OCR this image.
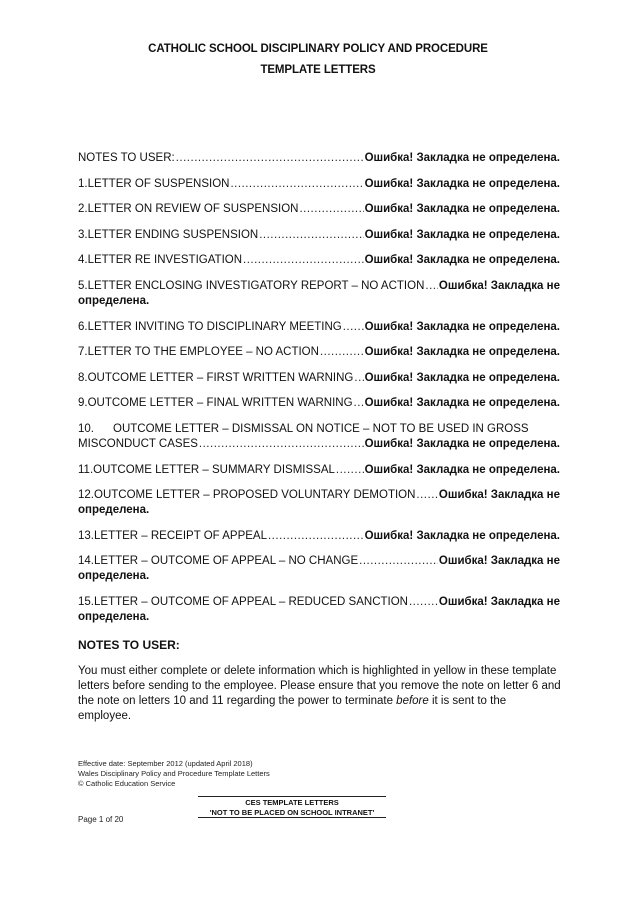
CATHOLIC SCHOOL DISCIPLINARY POLICY AND PROCEDURE
TEMPLATE LETTERS
NOTES TO USER: .....	Ошибка! Закладка не определена.
1. LETTER OF SUSPENSION .....	Ошибка! Закладка не определена.
2. LETTER ON REVIEW OF SUSPENSION .....	Ошибка! Закладка не определена.
3. LETTER ENDING SUSPENSION .....	Ошибка! Закладка не определена.
4. LETTER RE INVESTIGATION .....	Ошибка! Закладка не определена.
5. LETTER ENCLOSING INVESTIGATORY REPORT – NO ACTION ..... Ошибка! Закладка не
определена.
6. LETTER INVITING TO DISCIPLINARY MEETING ..... Ошибка! Закладка не определена.
7. LETTER TO THE EMPLOYEE – NO ACTION .....	Ошибка! Закладка не определена.
8. OUTCOME LETTER – FIRST WRITTEN WARNING ..... Ошибка! Закладка не определена.
9. OUTCOME LETTER – FINAL WRITTEN WARNING ..... Ошибка! Закладка не определена.
10.	OUTCOME LETTER – DISMISSAL ON NOTICE – NOT TO BE USED IN GROSS
MISCONDUCT CASES .....	Ошибка! Закладка не определена.
11. OUTCOME LETTER – SUMMARY DISMISSAL .....	Ошибка! Закладка не определена.
12. OUTCOME LETTER – PROPOSED VOLUNTARY DEMOTION ..... Ошибка! Закладка не
определена.
13. LETTER – RECEIPT OF APPEAL .....	Ошибка! Закладка не определена.
14. LETTER – OUTCOME OF APPEAL – NO CHANGE .....	Ошибка! Закладка не
определена.
15. LETTER – OUTCOME OF APPEAL – REDUCED SANCTION .....	Ошибка! Закладка не
определена.
NOTES TO USER:
You must either complete or delete information which is highlighted in yellow in these template letters before sending to the employee. Please ensure that you remove the note on letter 6 and the note on letters 10 and 11 regarding the power to terminate before it is sent to the employee.
Effective date: September 2012 (updated April 2018)
Wales Disciplinary Policy and Procedure Template Letters
© Catholic Education Service
CES TEMPLATE LETTERS
'NOT TO BE PLACED ON SCHOOL INTRANET'
Page 1 of 20
